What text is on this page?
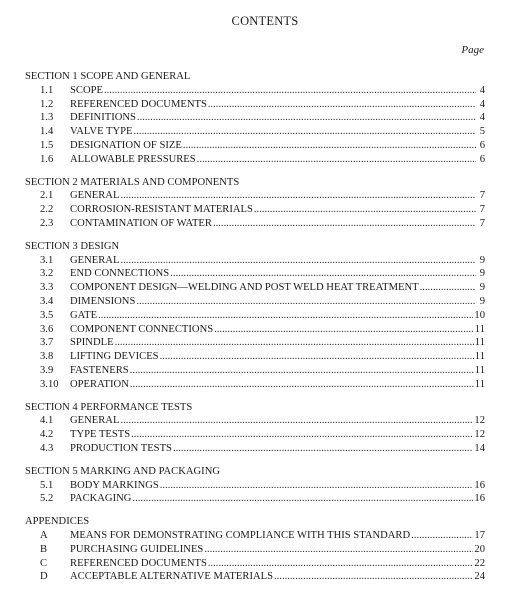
CONTENTS
Page
SECTION 1 SCOPE AND GENERAL
1.1	SCOPE .....	4
1.2	REFERENCED DOCUMENTS .....	4
1.3	DEFINITIONS .....	4
1.4	VALVE TYPE .....	5
1.5	DESIGNATION OF SIZE .....	6
1.6	ALLOWABLE PRESSURES .....	6
SECTION 2 MATERIALS AND COMPONENTS
2.1	GENERAL .....	7
2.2	CORROSION-RESISTANT MATERIALS .....	7
2.3	CONTAMINATION OF WATER .....	7
SECTION 3 DESIGN
3.1	GENERAL .....	9
3.2	END CONNECTIONS .....	9
3.3	COMPONENT DESIGN—WELDING AND POST WELD HEAT TREATMENT .....	9
3.4	DIMENSIONS .....	9
3.5	GATE .....	10
3.6	COMPONENT CONNECTIONS .....	11
3.7	SPINDLE .....	11
3.8	LIFTING DEVICES .....	11
3.9	FASTENERS .....	11
3.10	OPERATION .....	11
SECTION 4 PERFORMANCE TESTS
4.1	GENERAL .....	12
4.2	TYPE TESTS .....	12
4.3	PRODUCTION TESTS .....	14
SECTION 5 MARKING AND PACKAGING
5.1	BODY MARKINGS .....	16
5.2	PACKAGING .....	16
APPENDICES
A	MEANS FOR DEMONSTRATING COMPLIANCE WITH THIS STANDARD .....	17
B	PURCHASING GUIDELINES .....	20
C	REFERENCED DOCUMENTS .....	22
D	ACCEPTABLE ALTERNATIVE MATERIALS .....	24
